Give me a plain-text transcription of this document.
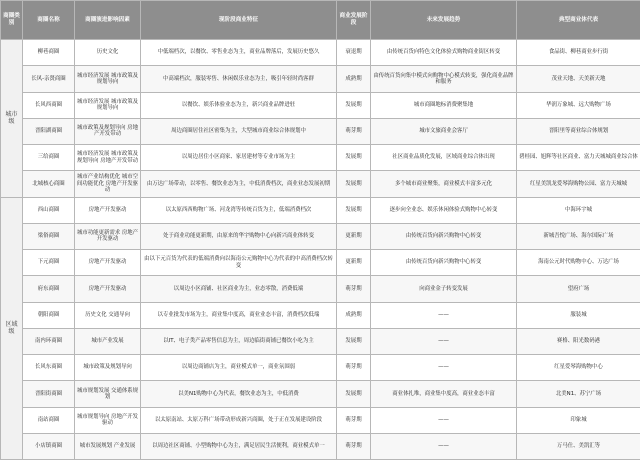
商圈类别	商圈名称	商圈演进影响因素	现阶段商业特征	商业发展阶段	未来发展趋势	典型商业体代表
城市级	柳巷商圈	历史文化	中低端档次，以餐饮、零售业态为主，商业品牌落后，发展历史悠久	衰退期	由传统百货向特色文化体验式购物商业街区转变	食品街、柳巷商业步行街
	长风-亲贤商圈	城市经济发展 城市政策及规划导向	中高端档次，服装零售、休闲娱乐业态为主，吸引年轻时尚客群	成熟期	由传统百货向集中模式向购物中心模式转变，强化商业品牌和服务	茂业天地、天美新天地
	长风西商圈	城市经济发展 城市政策及规划导向	以餐饮、娱乐体验业态为主，新兴商业品牌进驻	发展期	城市商圈地标消费聚集地	华润万象城、远大购物广场
	晋阳湖商圈	城市政策及规划导向 房地产开发带动	周边商圈居住社区密集为主，大型城市商业综合体规划中	萌芽期	城市文旅商业会客厅	晋阳里等商业综合体规划
	三给商圈	城市经济发展 城市政策及规划导向 房地产开发带动	以周边居住小区商家、家居建材等专业市场为主	发展期	社区商业品质化发展，区域商业综合体出现	碧桂园、旭辉等社区商业、富力天城城商业综合体
	北城核心商圈	城市产业结构优化 城市空间功能优化 房地产开发驱动	由万达广场带动，以零售、餐饮业态为主，中低消费档次，商业业态发展初期	发展期	多个城市商业聚集，商业模式丰富多元化	红星美凯龙爱琴海购物公园、富力天城城
区域级	西山商圈	房地产开发驱动	以太原西西购物广场、河龙湾等传统百货为主，低端消费档次	发展期	逐步向全业态、娱乐休闲体验式购物中心转变	中海环宇城
	梁俗商圈	城市功能更新需求 房地产开发驱动	处于商业功能更新期，由原来的华宇购物中心向新兴商业体转变	更新期	由传统百货向新兴购物中心转变	新城吾悦广场、海尔国际广场
	下元商圈	房地产开发驱动	由以下元百货为代表的低端消费向以海南公元购物中心为代表的中高消费档次转变	更新期	由传统百货向新兴购物中心转变	海南公元时代购物中心、万达广场
	府东商圈	房地产开发驱动	以周边小区商铺、社区商业为主，业态零散，消费低端	萌芽期	向商业金子转变发展	望府广场
	朝阳商圈	历史文化 交通导向	以专业批发市场为主，商业集中度高，商业业态丰富，消费档次低端	成熟期	——	服装城
	南内环商圈	城市产业发展	以IT、电子类产品零售信息为主，周边临街商铺已餐饮小吃为主	发展期	——	赛格、阳光数码港
	长风东商圈	城市政策及规划导向	以周边商铺店为主，商业模式单一，商业氛围弱	萌芽期	——	红星爱琴海购物中心
	晋阳街商圈	城市规划发展 交通体系规划	以美N1购物中心为代表，餐饮业态为主，中低消费	发展期	商业体扎堆，商业集中度高，商业业态丰富	北美N1、苏宁广场
	南站商圈	城市规划导向 房地产开发驱动	以太原南站、太原万科广场带动形成新兴商圈，处于正在发展建设阶段	萌芽期	——	印象城
	小店镇商圈	城市发展规划 产业发展	以周边社区商铺、小型购物中心为主，满足居民生活便利，商业模式单一	萌芽期	——	万马仕、美凯汇等
